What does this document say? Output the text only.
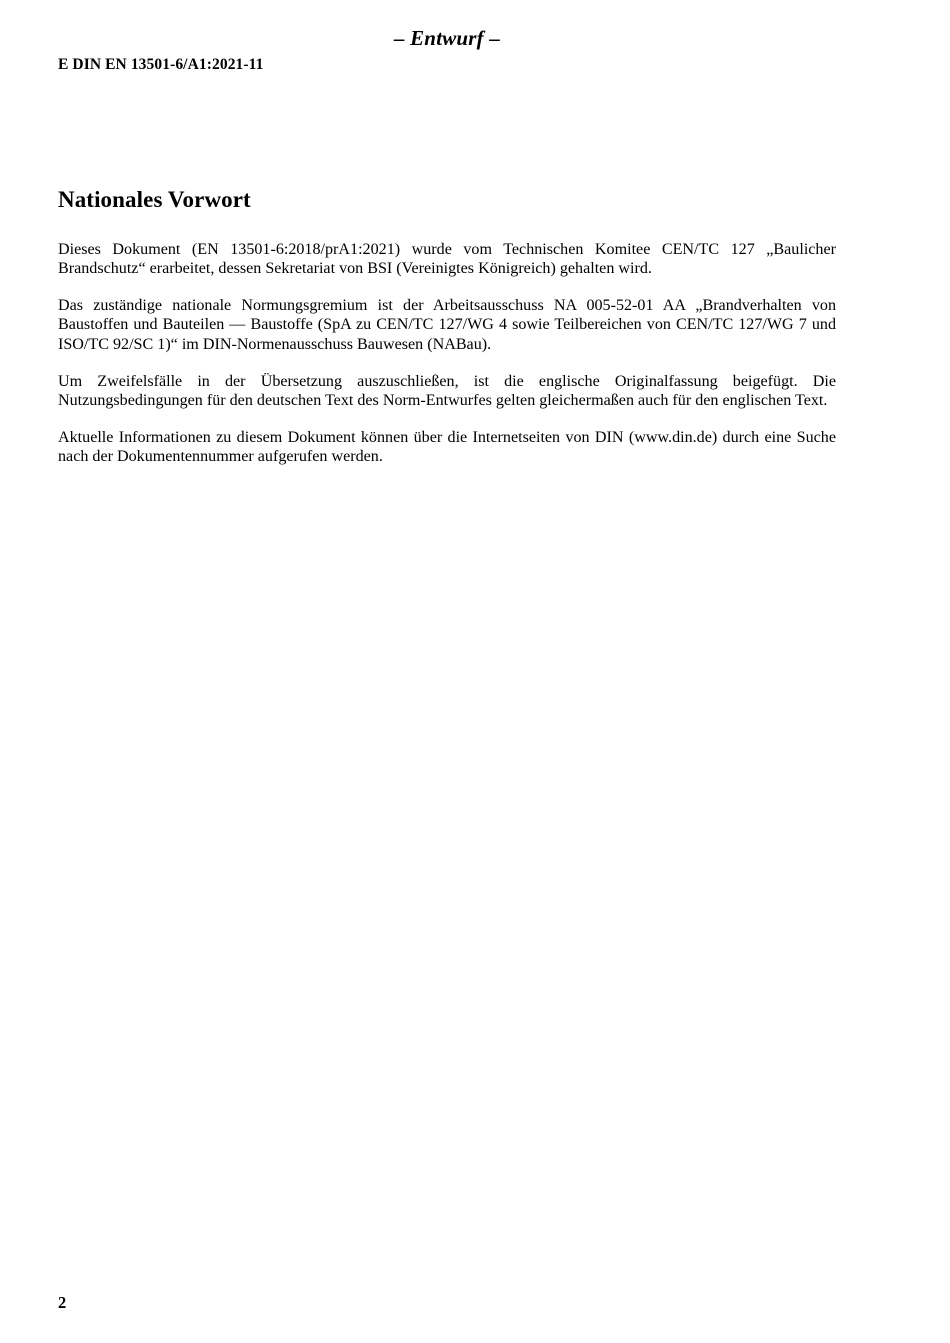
– Entwurf –
E DIN EN 13501-6/A1:2021-11
Nationales Vorwort

Dieses Dokument (EN 13501-6:2018/prA1:2021) wurde vom Technischen Komitee CEN/TC 127 „Baulicher Brandschutz“ erarbeitet, dessen Sekretariat von BSI (Vereinigtes Königreich) gehalten wird.

Das zuständige nationale Normungsgremium ist der Arbeitsausschuss NA 005-52-01 AA „Brandverhalten von Baustoffen und Bauteilen — Baustoffe (SpA zu CEN/TC 127/WG 4 sowie Teilbereichen von CEN/TC 127/WG 7 und ISO/TC 92/SC 1)“ im DIN-Normenausschuss Bauwesen (NABau).

Um Zweifelsfälle in der Übersetzung auszuschließen, ist die englische Originalfassung beigefügt. Die Nutzungsbedingungen für den deutschen Text des Norm-Entwurfes gelten gleichermaßen auch für den englischen Text.

Aktuelle Informationen zu diesem Dokument können über die Internetseiten von DIN (www.din.de) durch eine Suche nach der Dokumentennummer aufgerufen werden.

2
